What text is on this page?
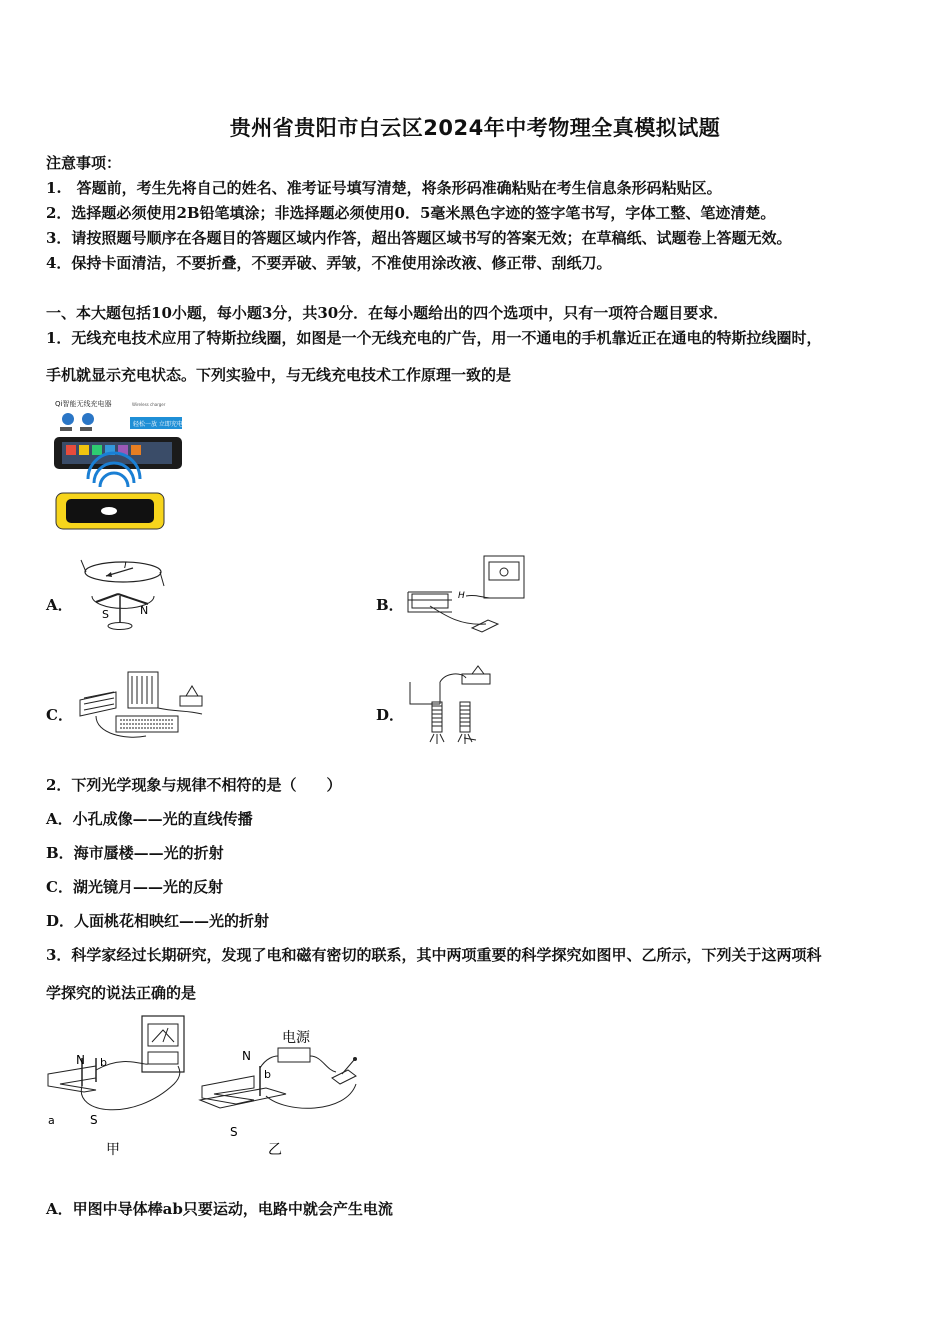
贵州省贵阳市白云区2024年中考物理全真模拟试题
注意事项：
1.　答题前，考生先将自己的姓名、准考证号填写清楚，将条形码准确粘贴在考生信息条形码粘贴区。
2．选择题必须使用2B铅笔填涂；非选择题必须使用0．5毫米黑色字迹的签字笔书写，字体工整、笔迹清楚。
3．请按照题号顺序在各题目的答题区域内作答，超出答题区域书写的答案无效；在草稿纸、试题卷上答题无效。
4．保持卡面清洁，不要折叠，不要弄破、弄皱，不准使用涂改液、修正带、刮纸刀。
一、本大题包括10小题，每小题3分，共30分．在每小题给出的四个选项中，只有一项符合题目要求．
1．无线充电技术应用了特斯拉线圈，如图是一个无线充电的广告，用一不通电的手机靠近正在通电的特斯拉线圈时，
手机就显示充电状态。下列实验中，与无线充电技术工作原理一致的是
Qi智能无线充电器	Wireless charger
轻松一放 立即充电
A．
I
S	N	B．	H
C．	D．
2．下列光学现象与规律不相符的是（　　）
A．小孔成像——光的直线传播
B．海市蜃楼——光的折射
C．湖光镜月——光的反射
D．人面桃花相映红——光的折射
3．科学家经过长期研究，发现了电和磁有密切的联系，其中两项重要的科学探究如图甲、乙所示，下列关于这两项科
学探究的说法正确的是
N b
a	S
甲
电源
N
b
S
乙
A．甲图中导体棒ab只要运动，电路中就会产生电流
